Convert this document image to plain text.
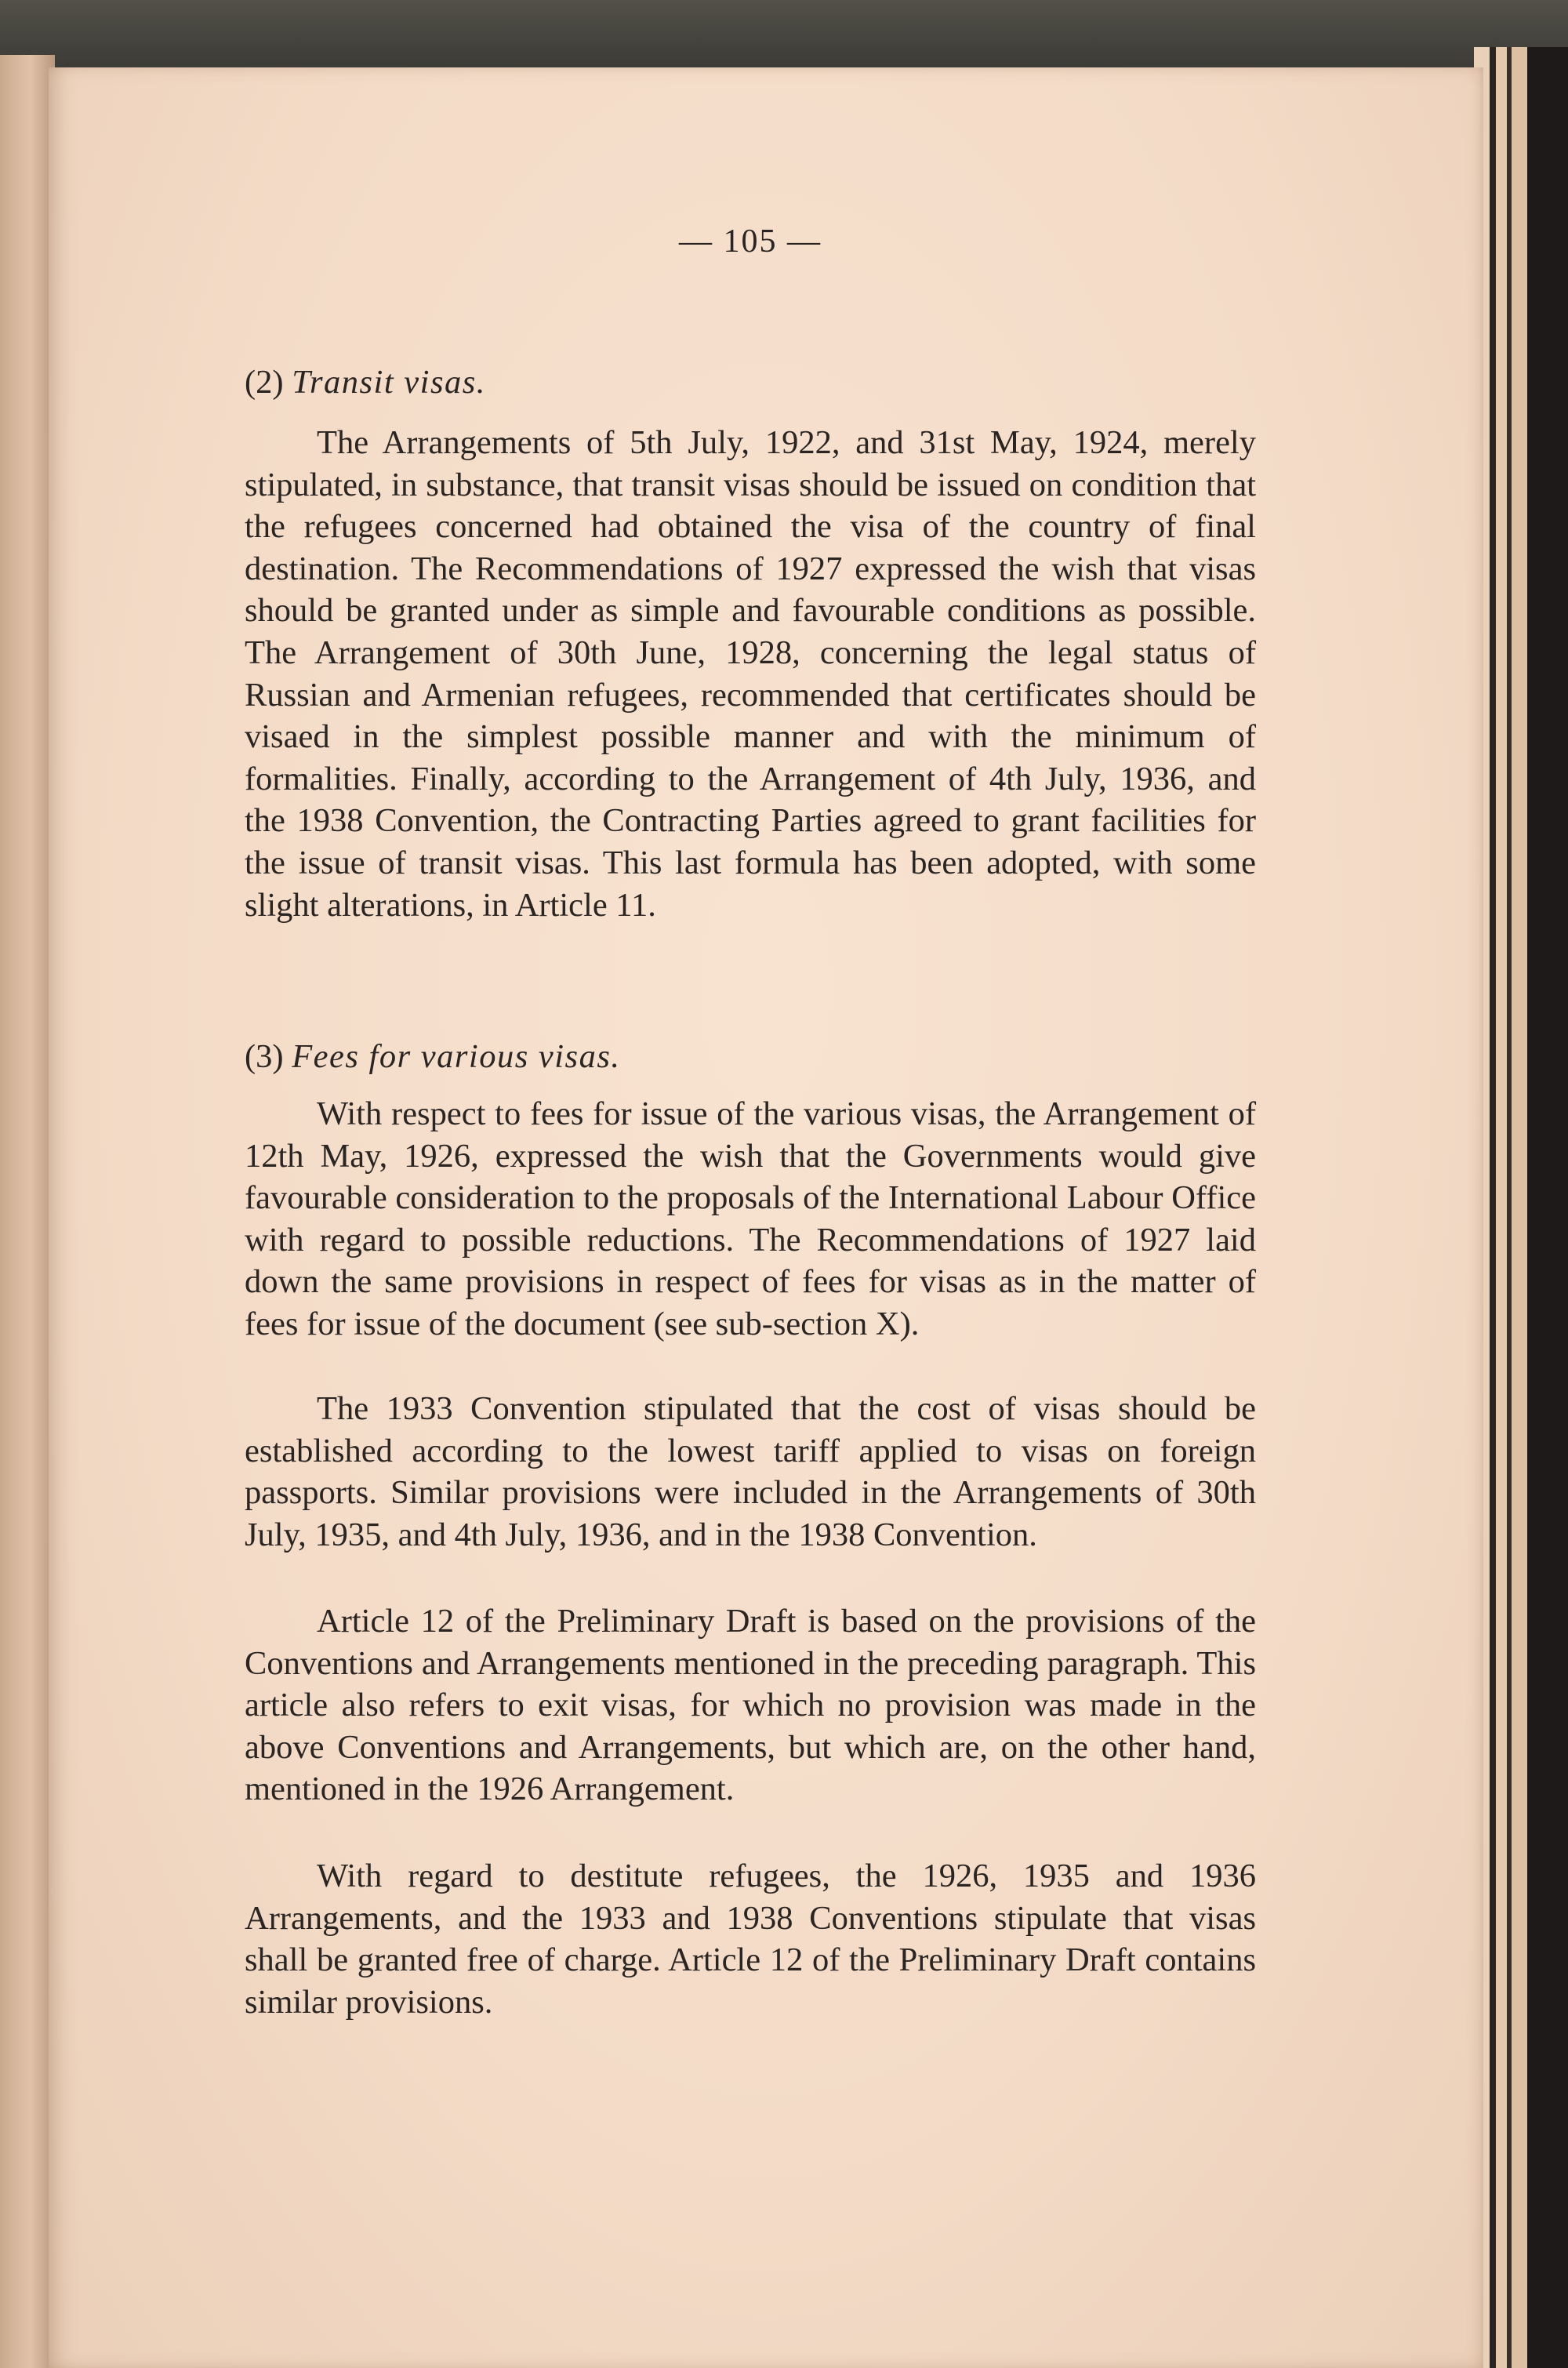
— 105 —
(2) Transit visas.

The Arrangements of 5th July, 1922, and 31st May, 1924, merely stipulated, in substance, that transit visas should be issued on condition that the refugees concerned had obtained the visa of the country of final destination. The Recommendations of 1927 expressed the wish that visas should be granted under as simple and favourable conditions as possible. The Arrangement of 30th June, 1928, concerning the legal status of Russian and Armenian refugees, recommended that certificates should be visaed in the simplest possible manner and with the minimum of formalities. Finally, according to the Arrangement of 4th July, 1936, and the 1938 Convention, the Contracting Parties agreed to grant facilities for the issue of transit visas. This last formula has been adopted, with some slight alterations, in Article 11.

(3) Fees for various visas.

With respect to fees for issue of the various visas, the Arrangement of 12th May, 1926, expressed the wish that the Governments would give favourable consideration to the proposals of the International Labour Office with regard to possible reductions. The Recommendations of 1927 laid down the same provisions in respect of fees for visas as in the matter of fees for issue of the document (see sub-section X).

The 1933 Convention stipulated that the cost of visas should be established according to the lowest tariff applied to visas on foreign passports. Similar provisions were included in the Arrangements of 30th July, 1935, and 4th July, 1936, and in the 1938 Convention.

Article 12 of the Preliminary Draft is based on the provisions of the Conventions and Arrangements mentioned in the preceding paragraph. This article also refers to exit visas, for which no provision was made in the above Conventions and Arrangements, but which are, on the other hand, mentioned in the 1926 Arrangement.

With regard to destitute refugees, the 1926, 1935 and 1936 Arrangements, and the 1933 and 1938 Conventions stipulate that visas shall be granted free of charge. Article 12 of the Preliminary Draft contains similar provisions.
